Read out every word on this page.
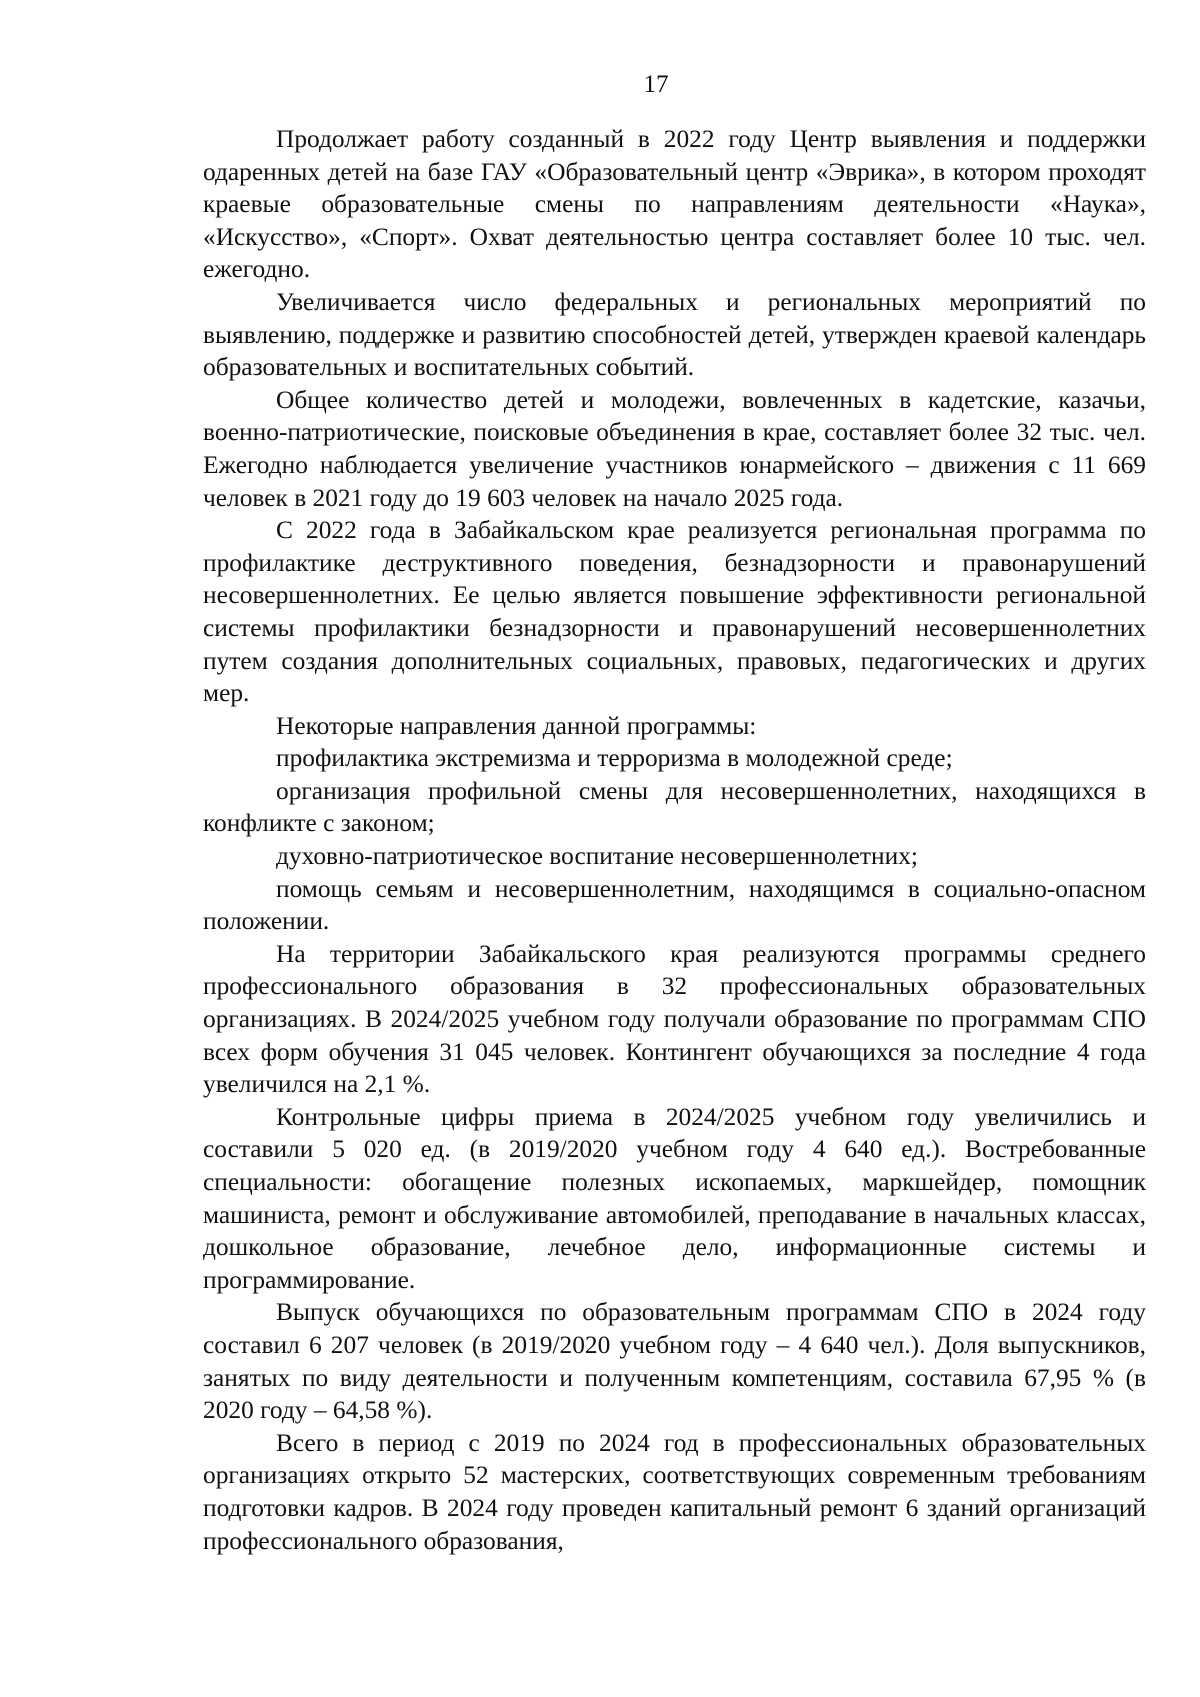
17

Продолжает работу созданный в 2022 году Центр выявления и поддержки одаренных детей на базе ГАУ «Образовательный центр «Эврика», в котором проходят краевые образовательные смены по направлениям деятельности «Наука», «Искусство», «Спорт». Охват деятельностью центра составляет более 10 тыс. чел. ежегодно.

Увеличивается число федеральных и региональных мероприятий по выявлению, поддержке и развитию способностей детей, утвержден краевой календарь образовательных и воспитательных событий.

Общее количество детей и молодежи, вовлеченных в кадетские, казачьи, военно-патриотические, поисковые объединения в крае, составляет более 32 тыс. чел. Ежегодно наблюдается увеличение участников юнармейского – движения с 11 669 человек в 2021 году до 19 603 человек на начало 2025 года.

С 2022 года в Забайкальском крае реализуется региональная программа по профилактике деструктивного поведения, безнадзорности и правонарушений несовершеннолетних. Ее целью является повышение эффективности региональной системы профилактики безнадзорности и правонарушений несовершеннолетних путем создания дополнительных социальных, правовых, педагогических и других мер.

Некоторые направления данной программы:

профилактика экстремизма и терроризма в молодежной среде;

организация профильной смены для несовершеннолетних, находящихся в конфликте с законом;

духовно-патриотическое воспитание несовершеннолетних;

помощь семьям и несовершеннолетним, находящимся в социально-опасном положении.

На территории Забайкальского края реализуются программы среднего профессионального образования в 32 профессиональных образовательных организациях. В 2024/2025 учебном году получали образование по программам СПО всех форм обучения 31 045 человек. Контингент обучающихся за последние 4 года увеличился на 2,1 %.

Контрольные цифры приема в 2024/2025 учебном году увеличились и составили 5 020 ед. (в 2019/2020 учебном году 4 640 ед.). Востребованные специальности: обогащение полезных ископаемых, маркшейдер, помощник машиниста, ремонт и обслуживание автомобилей, преподавание в начальных классах, дошкольное образование, лечебное дело, информационные системы и программирование.

Выпуск обучающихся по образовательным программам СПО в 2024 году составил 6 207 человек (в 2019/2020 учебном году – 4 640 чел.). Доля выпускников, занятых по виду деятельности и полученным компетенциям, составила 67,95 % (в 2020 году – 64,58 %).

Всего в период с 2019 по 2024 год в профессиональных образовательных организациях открыто 52 мастерских, соответствующих современным требованиям подготовки кадров. В 2024 году проведен капитальный ремонт 6 зданий организаций профессионального образования,
